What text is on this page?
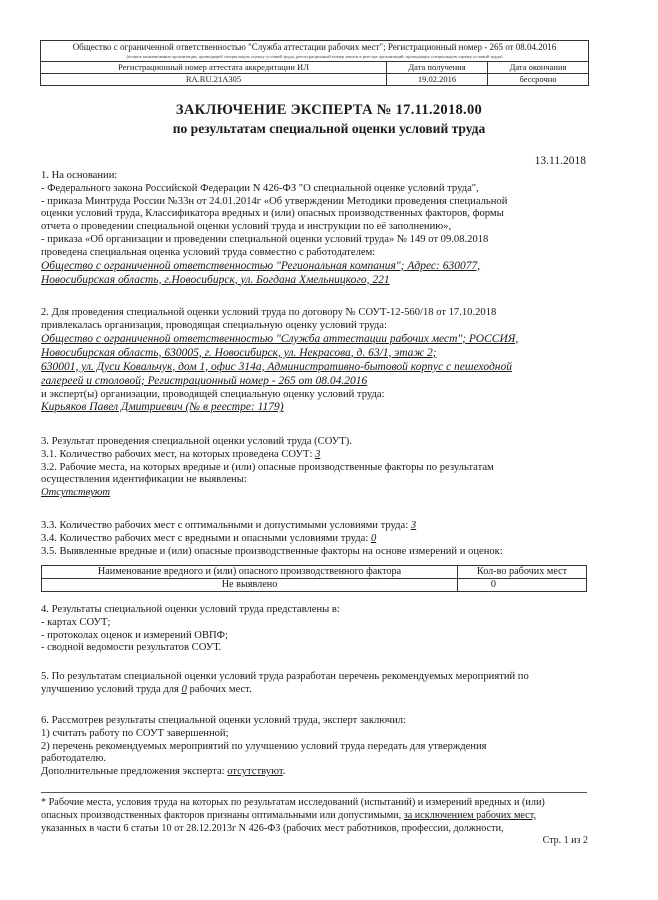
Общество с ограниченной ответственностью "Служба аттестации рабочих мест"; Регистрационный номер - 265 от 08.04.2016
(полное наименование организации, проводящей специальную оценку условий труда, регистрационный номер записи в реестре организаций, проводящих специальную оценку условий труда)
Регистрационный номер аттестата аккредитации ИЛ	Дата получения	Дата окончания
RA.RU.21A305	19.02.2016	бессрочно
ЗАКЛЮЧЕНИЕ ЭКСПЕРТА № 17.11.2018.00
по результатам специальной оценки условий труда
13.11.2018
1. На основании:
- Федерального закона Российской Федерации N 426-ФЗ "О специальной оценке условий труда",
- приказа Минтруда России №33н от 24.01.2014г «Об утверждении Методики проведения специальной
оценки условий труда, Классификатора вредных и (или) опасных производственных факторов, формы
отчета о проведении специальной оценки условий труда и инструкции по её заполнению»,
- приказа «Об организации и проведении специальной оценки условий труда» № 149 от 09.08.2018
проведена специальная оценка условий труда совместно с работодателем:
Общество с ограниченной ответственностью "Региональная компания"; Адрес: 630077,
Новосибирская область, г.Новосибирск, ул. Богдана Хмельницкого, 221
2. Для проведения специальной оценки условий труда по договору № СОУТ-12-560/18 от 17.10.2018
привлекалась организация, проводящая специальную оценку условий труда:
Общество с ограниченной ответственностью "Служба аттестации рабочих мест"; РОССИЯ,
Новосибирская область, 630005, г. Новосибирск, ул. Некрасова, д. 63/1, этаж 2;
630001, ул. Дуси Ковальчук, дом 1, офис 314а, Административно-бытовой корпус с пешеходной
галереей и столовой; Регистрационный номер - 265 от 08.04.2016
и эксперт(ы) организации, проводящей специальную оценку условий труда:
Кирьяков Павел Дмитриевич (№ в реестре: 1179)
3. Результат проведения специальной оценки условий труда (СОУТ).
3.1. Количество рабочих мест, на которых проведена СОУТ: 3
3.2. Рабочие места, на которых вредные и (или) опасные производственные факторы по результатам
осуществления идентификации не выявлены:
Отсутствуют
3.3. Количество рабочих мест с оптимальными и допустимыми условиями труда: 3
3.4. Количество рабочих мест с вредными и опасными условиями труда: 0
3.5. Выявленные вредные и (или) опасные производственные факторы на основе измерений и оценок:
Наименование вредного и (или) опасного производственного фактора	Кол-во рабочих мест
Не выявлено	0
4. Результаты специальной оценки условий труда представлены в:
- картах СОУТ;
- протоколах оценок и измерений ОВПФ;
- сводной ведомости результатов СОУТ.
5. По результатам специальной оценки условий труда разработан перечень рекомендуемых мероприятий по
улучшению условий труда для 0 рабочих мест.
6. Рассмотрев результаты специальной оценки условий труда, эксперт заключил:
1) считать работу по СОУТ завершенной;
2) перечень рекомендуемых мероприятий по улучшению условий труда передать для утверждения
работодателю.
Дополнительные предложения эксперта: отсутствуют.
* Рабочие места, условия труда на которых по результатам исследований (испытаний) и измерений вредных и (или)
опасных производственных факторов признаны оптимальными или допустимыми, за исключением рабочих мест,
указанных в части 6 статьи 10 от 28.12.2013г N 426-ФЗ (рабочих мест работников, профессии, должности,
Стр. 1 из 2
